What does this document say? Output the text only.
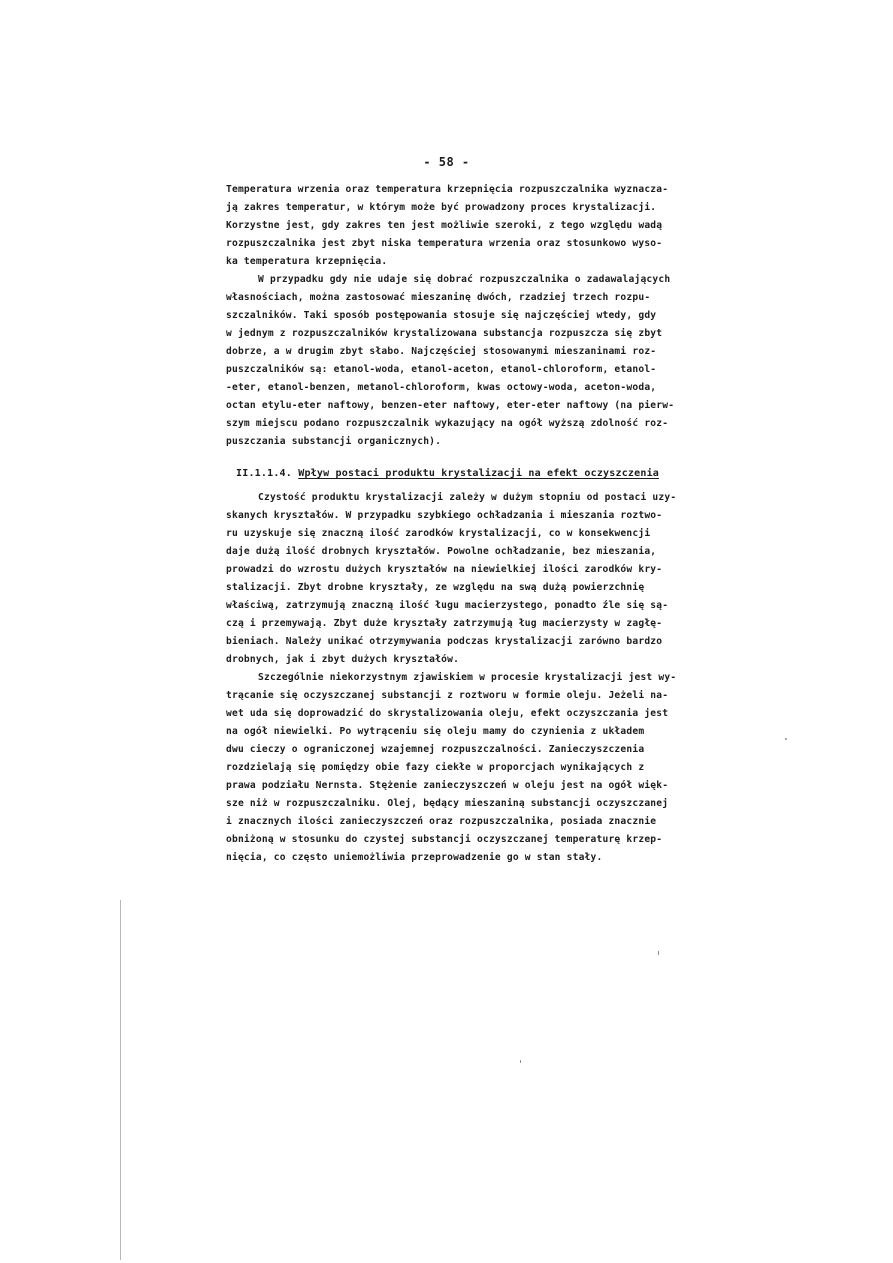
- 58 -
Temperatura wrzenia oraz temperatura krzepnięcia rozpuszczalnika wyznacza-
ją zakres temperatur, w którym może być prowadzony proces krystalizacji.
Korzystne jest, gdy zakres ten jest możliwie szeroki, z tego względu wadą
rozpuszczalnika jest zbyt niska temperatura wrzenia oraz stosunkowo wyso-
ka temperatura krzepnięcia.
W przypadku gdy nie udaje się dobrać rozpuszczalnika o zadawalających
własnościach, można zastosować mieszaninę dwóch, rzadziej trzech rozpu-
szczalników. Taki sposób postępowania stosuje się najczęściej wtedy, gdy
w jednym z rozpuszczalników krystalizowana substancja rozpuszcza się zbyt
dobrze, a w drugim zbyt słabo. Najczęściej stosowanymi mieszaninami roz-
puszczalników są: etanol-woda, etanol-aceton, etanol-chloroform, etanol-
-eter, etanol-benzen, metanol-chloroform, kwas octowy-woda, aceton-woda,
octan etylu-eter naftowy, benzen-eter naftowy, eter-eter naftowy (na pierw-
szym miejscu podano rozpuszczalnik wykazujący na ogół wyższą zdolność roz-
puszczania substancji organicznych).
II.1.1.4. Wpływ postaci produktu krystalizacji na efekt oczyszczenia
Czystość produktu krystalizacji zależy w dużym stopniu od postaci uzy-
skanych kryształów. W przypadku szybkiego ochładzania i mieszania roztwo-
ru uzyskuje się znaczną ilość zarodków krystalizacji, co w konsekwencji
daje dużą ilość drobnych kryształów. Powolne ochładzanie, bez mieszania,
prowadzi do wzrostu dużych kryształów na niewielkiej ilości zarodków kry-
stalizacji. Zbyt drobne kryształy, ze względu na swą dużą powierzchnię
właściwą, zatrzymują znaczną ilość ługu macierzystego, ponadto źle się są-
czą i przemywają. Zbyt duże kryształy zatrzymują ług macierzysty w zagłę-
bieniach. Należy unikać otrzymywania podczas krystalizacji zarówno bardzo
drobnych, jak i zbyt dużych kryształów.
Szczególnie niekorzystnym zjawiskiem w procesie krystalizacji jest wy-
trącanie się oczyszczanej substancji z roztworu w formie oleju. Jeżeli na-
wet uda się doprowadzić do skrystalizowania oleju, efekt oczyszczania jest
na ogół niewielki. Po wytrąceniu się oleju mamy do czynienia z układem
dwu cieczy o ograniczonej wzajemnej rozpuszczalności. Zanieczyszczenia
rozdzielają się pomiędzy obie fazy ciekłe w proporcjach wynikających z
prawa podziału Nernsta. Stężenie zanieczyszczeń w oleju jest na ogół więk-
sze niż w rozpuszczalniku. Olej, będący mieszaniną substancji oczyszczanej
i znacznych ilości zanieczyszczeń oraz rozpuszczalnika, posiada znacznie
obniżoną w stosunku do czystej substancji oczyszczanej temperaturę krzep-
nięcia, co często uniemożliwia przeprowadzenie go w stan stały.
